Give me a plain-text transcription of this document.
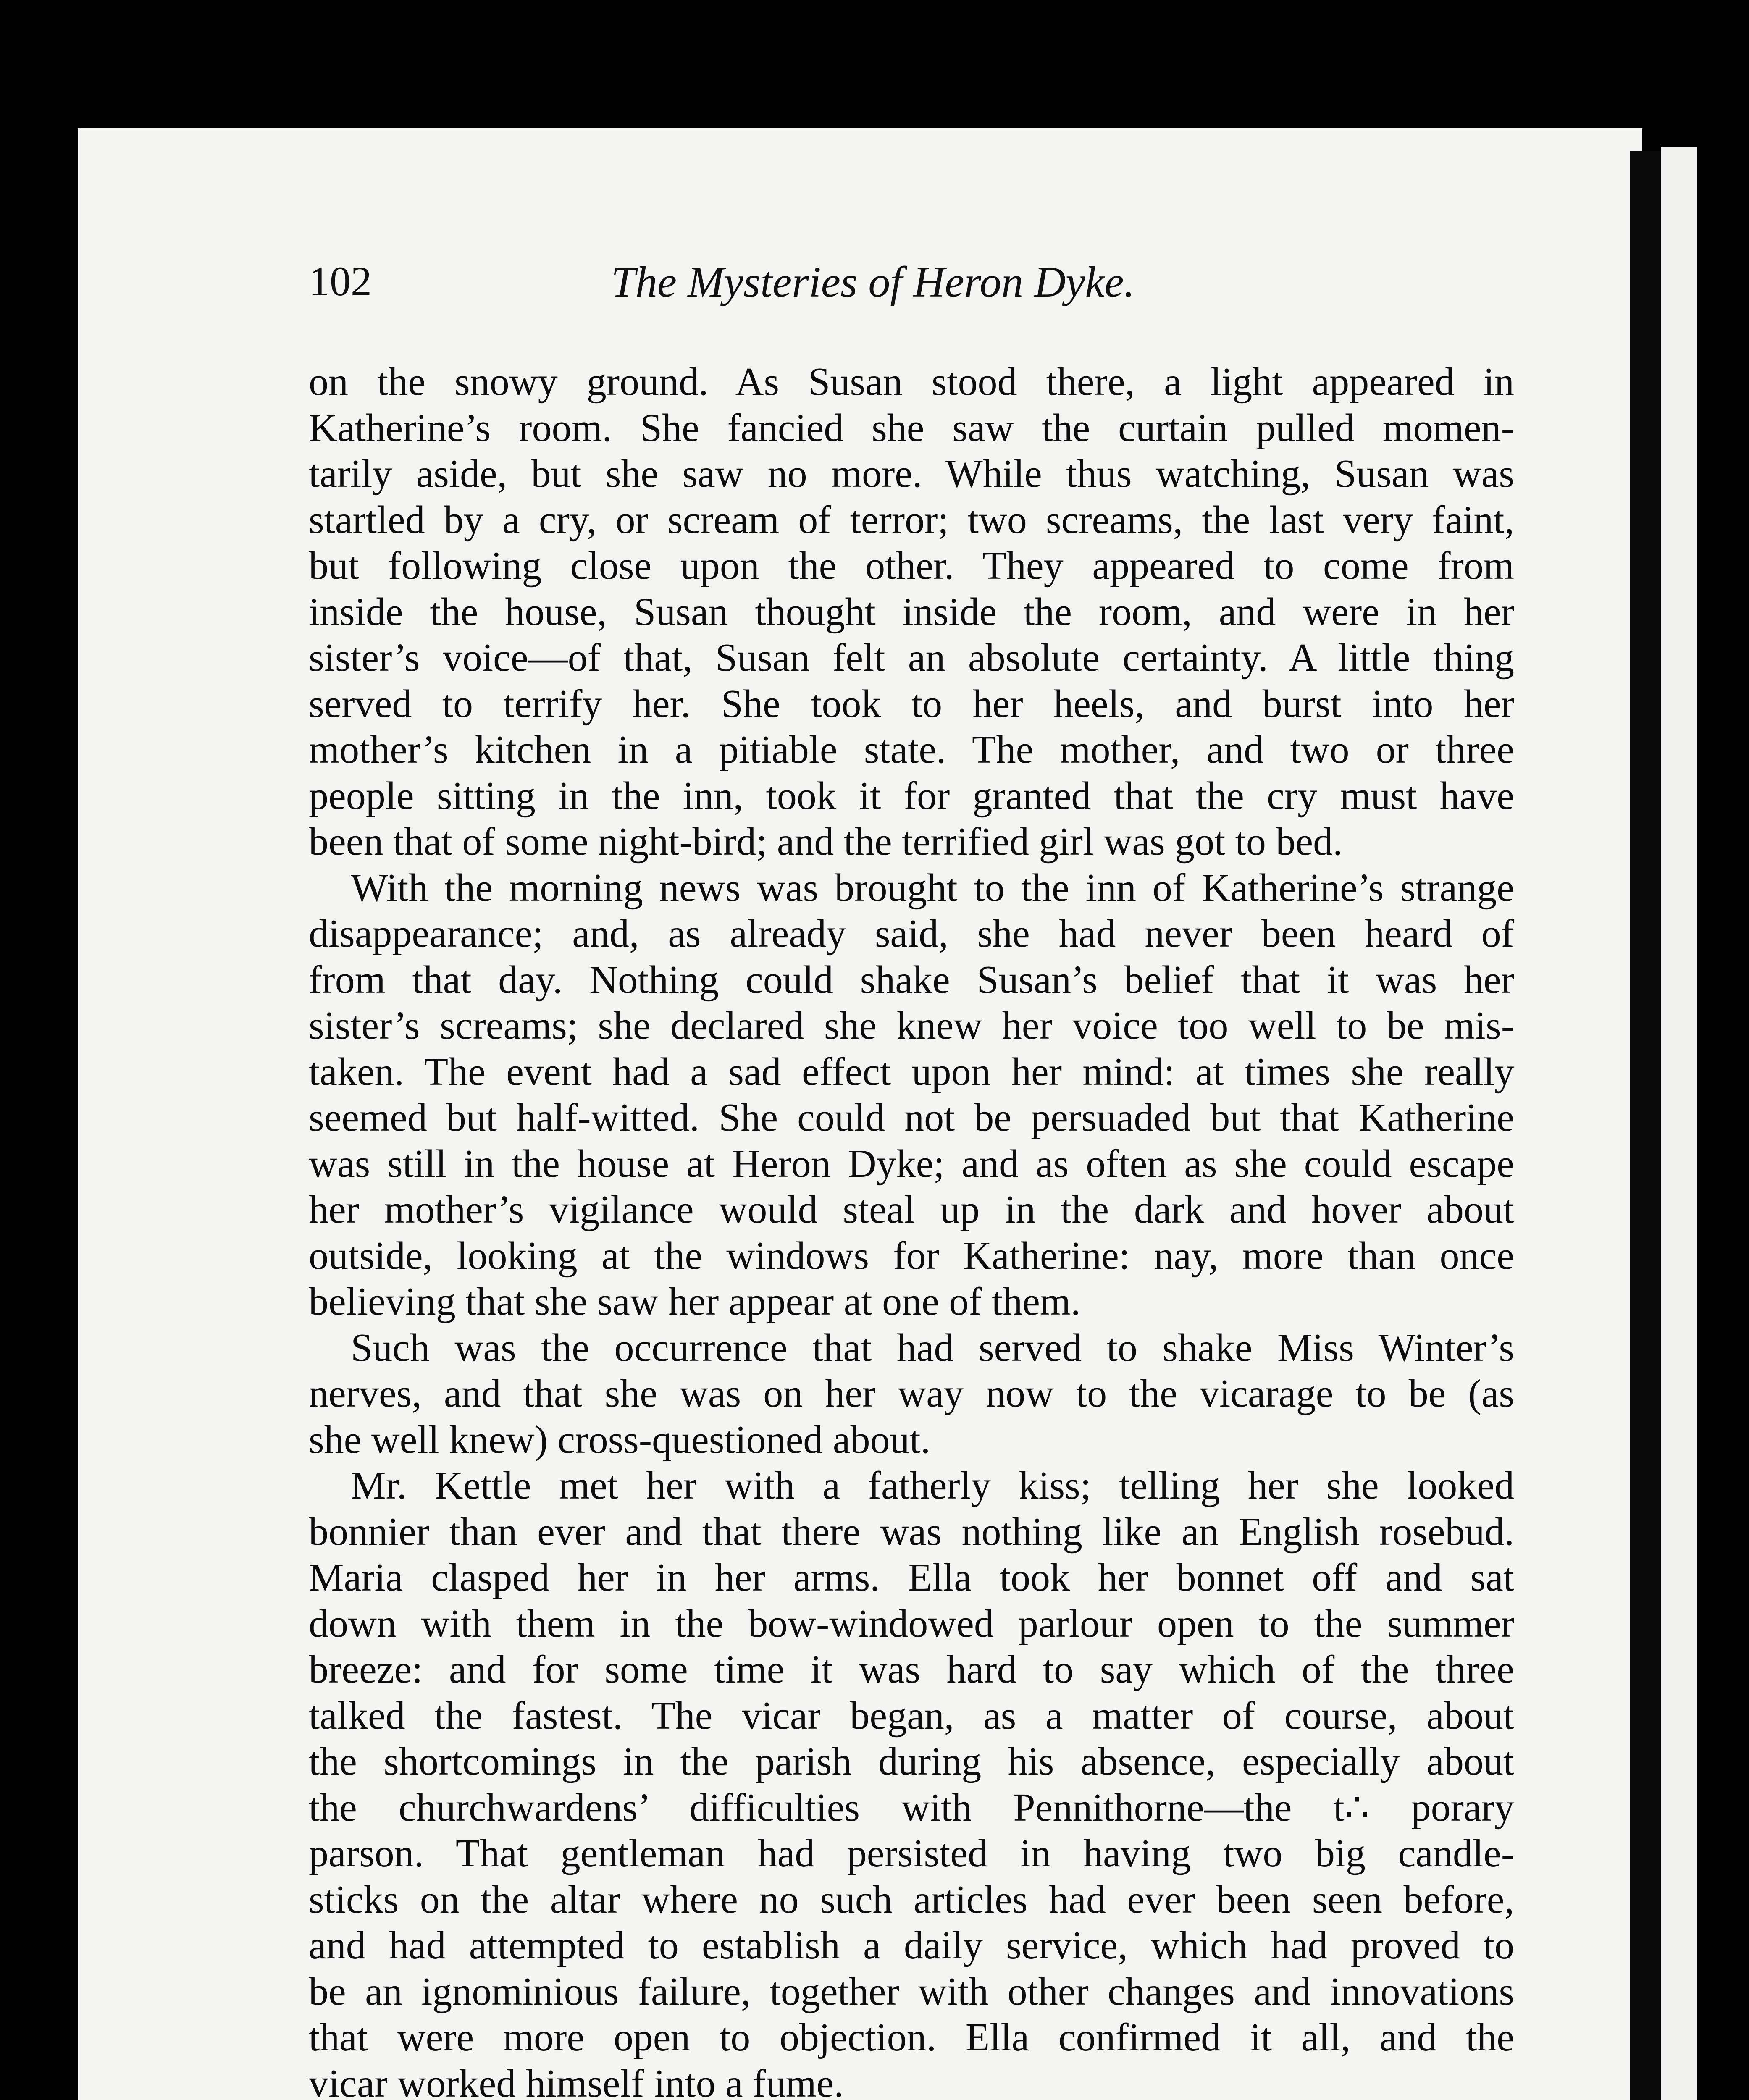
102	The Mysteries of Heron Dyke.
on the snowy ground. As Susan stood there, a light appeared in
Katherine’s room. She fancied she saw the curtain pulled momen-
tarily aside, but she saw no more. While thus watching, Susan was
startled by a cry, or scream of terror; two screams, the last very faint,
but following close upon the other. They appeared to come from
inside the house, Susan thought inside the room, and were in her
sister’s voice—of that, Susan felt an absolute certainty. A little thing
served to terrify her. She took to her heels, and burst into her
mother’s kitchen in a pitiable state. The mother, and two or three
people sitting in the inn, took it for granted that the cry must have
been that of some night-bird; and the terrified girl was got to bed.
With the morning news was brought to the inn of Katherine’s strange
disappearance; and, as already said, she had never been heard of
from that day. Nothing could shake Susan’s belief that it was her
sister’s screams; she declared she knew her voice too well to be mis-
taken. The event had a sad effect upon her mind: at times she really
seemed but half-witted. She could not be persuaded but that Katherine
was still in the house at Heron Dyke; and as often as she could escape
her mother’s vigilance would steal up in the dark and hover about
outside, looking at the windows for Katherine: nay, more than once
believing that she saw her appear at one of them.
Such was the occurrence that had served to shake Miss Winter’s
nerves, and that she was on her way now to the vicarage to be (as
she well knew) cross-questioned about.
Mr. Kettle met her with a fatherly kiss; telling her she looked
bonnier than ever and that there was nothing like an English rosebud.
Maria clasped her in her arms. Ella took her bonnet off and sat
down with them in the bow-windowed parlour open to the summer
breeze: and for some time it was hard to say which of the three
talked the fastest. The vicar began, as a matter of course, about
the shortcomings in the parish during his absence, especially about
the churchwardens’ difficulties with Pennithorne—the t∴ porary
parson. That gentleman had persisted in having two big candle-
sticks on the altar where no such articles had ever been seen before,
and had attempted to establish a daily service, which had proved to
be an ignominious failure, together with other changes and innovations
that were more open to objection. Ella confirmed it all, and the
vicar worked himself into a fume.
